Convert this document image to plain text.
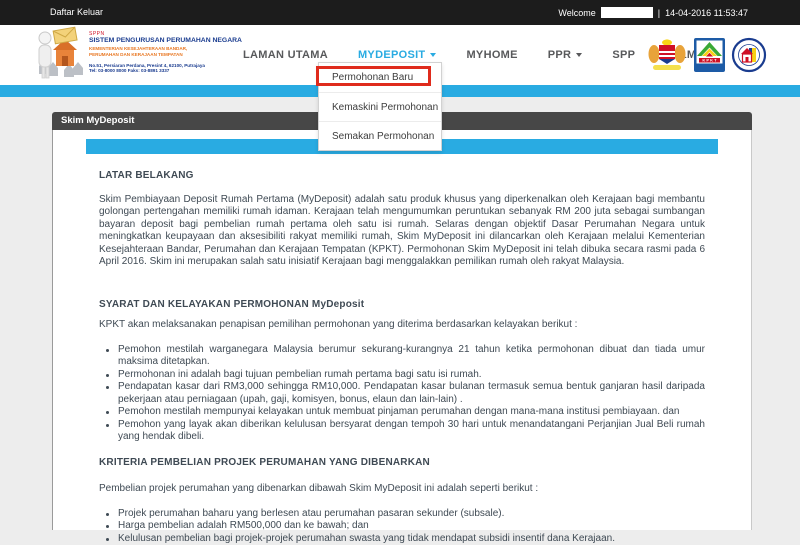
Daftar Keluar	Welcome	| 14-04-2016 11:53:47
SPPN
SISTEM PENGURUSAN PERUMAHAN NEGARA
KEMENTERIAN KESEJAHTERAAN BANDAR, PERUMAHAN DAN KERAJAAN TEMPATAN
No.51, Persiaran Perdana, Presint 4, 62100, Putrajaya
Tel: 03-8000 8000 Faks: 03-8891 3337
LAMAN UTAMA	MYDEPOSIT	MYHOME	PPR	SPP	K P K T
Skim MyDeposit
LATAR BELAKANG

Skim Pembiayaan Deposit Rumah Pertama (MyDeposit) adalah satu produk khusus yang diperkenalkan oleh Kerajaan bagi membantu golongan pertengahan memiliki rumah idaman. Kerajaan telah mengumumkan peruntukan sebanyak RM 200 juta sebagai sumbangan bayaran deposit bagi pembelian rumah pertama oleh satu isi rumah. Selaras dengan objektif Dasar Perumahan Negara untuk meningkatkan keupayaan dan aksesibiliti rakyat memiliki rumah, Skim MyDeposit ini dilancarkan oleh Kerajaan melalui Kementerian Kesejahteraan Bandar, Perumahan dan Kerajaan Tempatan (KPKT). Permohonan Skim MyDeposit ini telah dibuka secara rasmi pada 6 April 2016. Skim ini merupakan salah satu inisiatif Kerajaan bagi menggalakkan pemilikan rumah oleh rakyat Malaysia.

SYARAT DAN KELAYAKAN PERMOHONAN MyDeposit

KPKT akan melaksanakan penapisan pemilihan permohonan yang diterima berdasarkan kelayakan berikut :

Pemohon mestilah warganegara Malaysia berumur sekurang-kurangnya 21 tahun ketika permohonan dibuat dan tiada umur maksima ditetapkan.
Permohonan ini adalah bagi tujuan pembelian rumah pertama bagi satu isi rumah.
Pendapatan kasar dari RM3,000 sehingga RM10,000. Pendapatan kasar bulanan termasuk semua bentuk ganjaran hasil daripada pekerjaan atau perniagaan (upah, gaji, komisyen, bonus, elaun dan lain-lain) .
Pemohon mestilah mempunyai kelayakan untuk membuat pinjaman perumahan dengan mana-mana institusi pembiayaan. dan
Pemohon yang layak akan diberikan kelulusan bersyarat dengan tempoh 30 hari untuk menandatangani Perjanjian Jual Beli rumah yang hendak dibeli.
KRITERIA PEMBELIAN PROJEK PERUMAHAN YANG DIBENARKAN

Pembelian projek perumahan yang dibenarkan dibawah Skim MyDeposit ini adalah seperti berikut :

Projek perumahan baharu yang berlesen atau perumahan pasaran sekunder (subsale).
Harga pembelian adalah RM500,000 dan ke bawah; dan
Kelulusan pembelian bagi projek-projek perumahan swasta yang tidak mendapat subsidi insentif dana Kerajaan.
Permohonan Baru
Kemaskini Permohonan
Semakan Permohonan
